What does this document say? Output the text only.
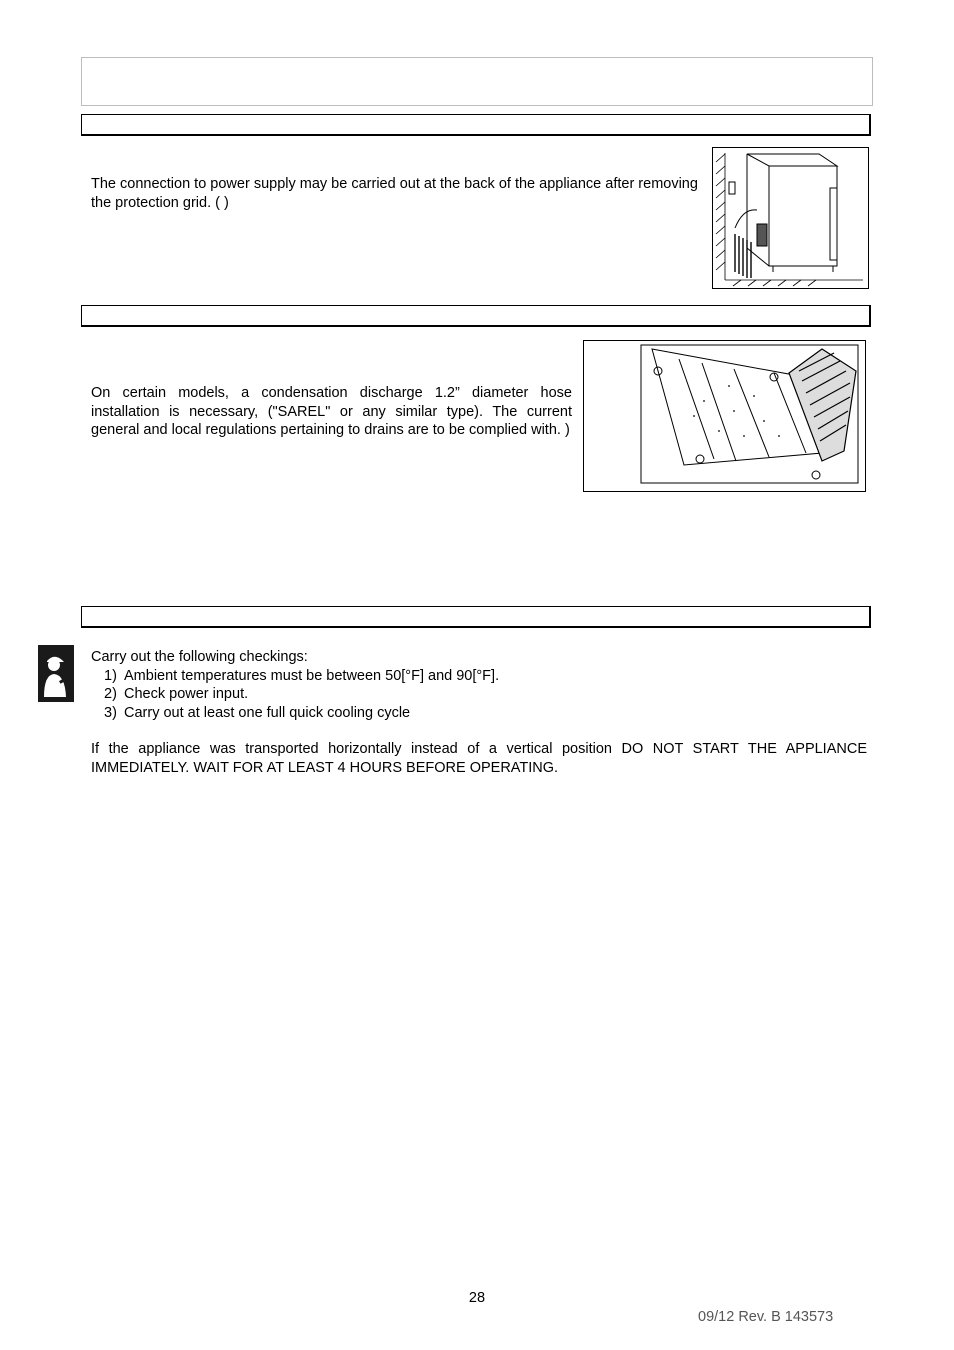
The connection to power supply may be carried out at the back of the appliance after removing the protection grid. ( )
On certain models, a condensation discharge 1.2” diameter hose installation is necessary, ("SAREL" or any similar type). The current general and local regulations pertaining to drains are to be complied with. )
Carry out the following checkings:
1) Ambient temperatures must be between 50[°F] and 90[°F].
2) Check power input.
3) Carry out at least one full quick cooling cycle
If the appliance was transported horizontally instead of a vertical position DO NOT START THE APPLIANCE IMMEDIATELY. WAIT FOR AT LEAST 4 HOURS BEFORE OPERATING.
28
09/12 Rev. B 143573
